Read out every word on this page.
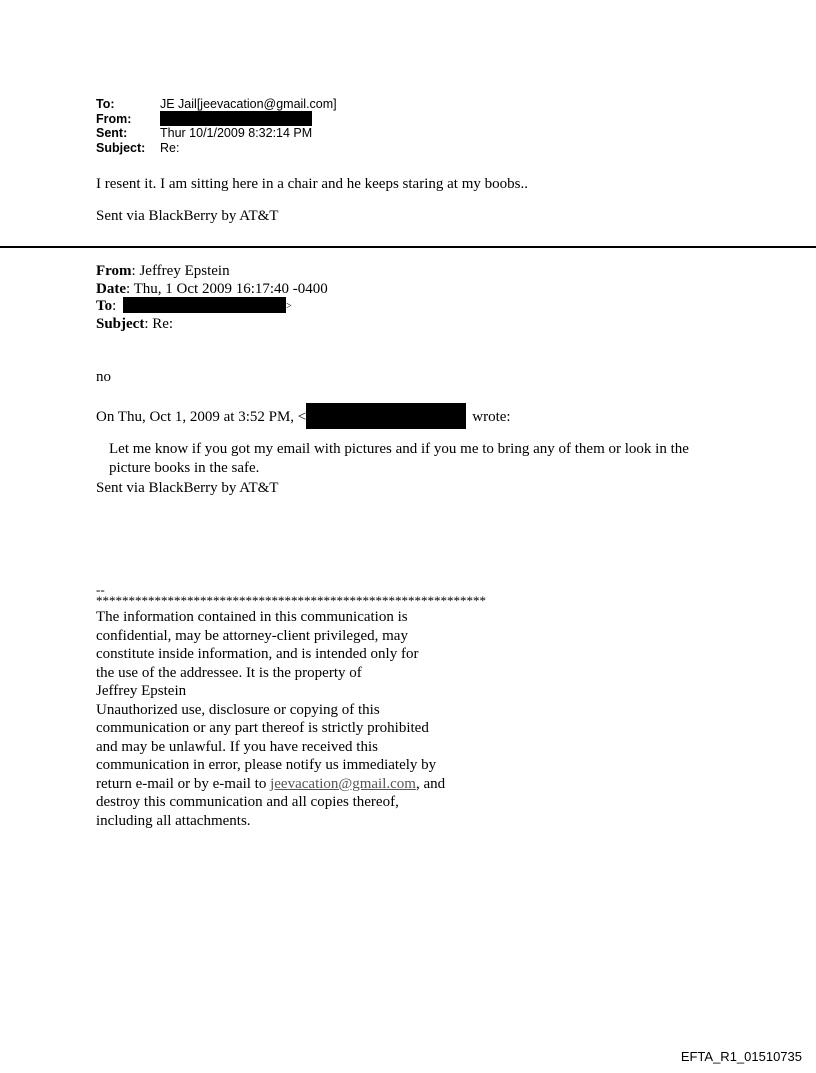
To:	JE Jail[jeevacation@gmail.com]
From:
Sent:	Thur 10/1/2009 8:32:14 PM
Subject:	Re:
I resent it. I am sitting here in a chair and he keeps staring at my boobs..
Sent via BlackBerry by AT&T
From: Jeffrey Epstein
Date: Thu, 1 Oct 2009 16:17:40 -0400
To:	>
Subject: Re:
no
On Thu, Oct 1, 2009 at 3:52 PM, <	wrote:
Let me know if you got my email with pictures and if you me to bring any of them or look in the picture books in the safe.
Sent via BlackBerry by AT&T
--
************************************************************
The information contained in this communication is
confidential, may be attorney-client privileged, may
constitute inside information, and is intended only for
the use of the addressee. It is the property of
Jeffrey Epstein
Unauthorized use, disclosure or copying of this
communication or any part thereof is strictly prohibited
and may be unlawful. If you have received this
communication in error, please notify us immediately by
return e-mail or by e-mail to jeevacation@gmail.com, and
destroy this communication and all copies thereof,
including all attachments.
EFTA_R1_01510735
